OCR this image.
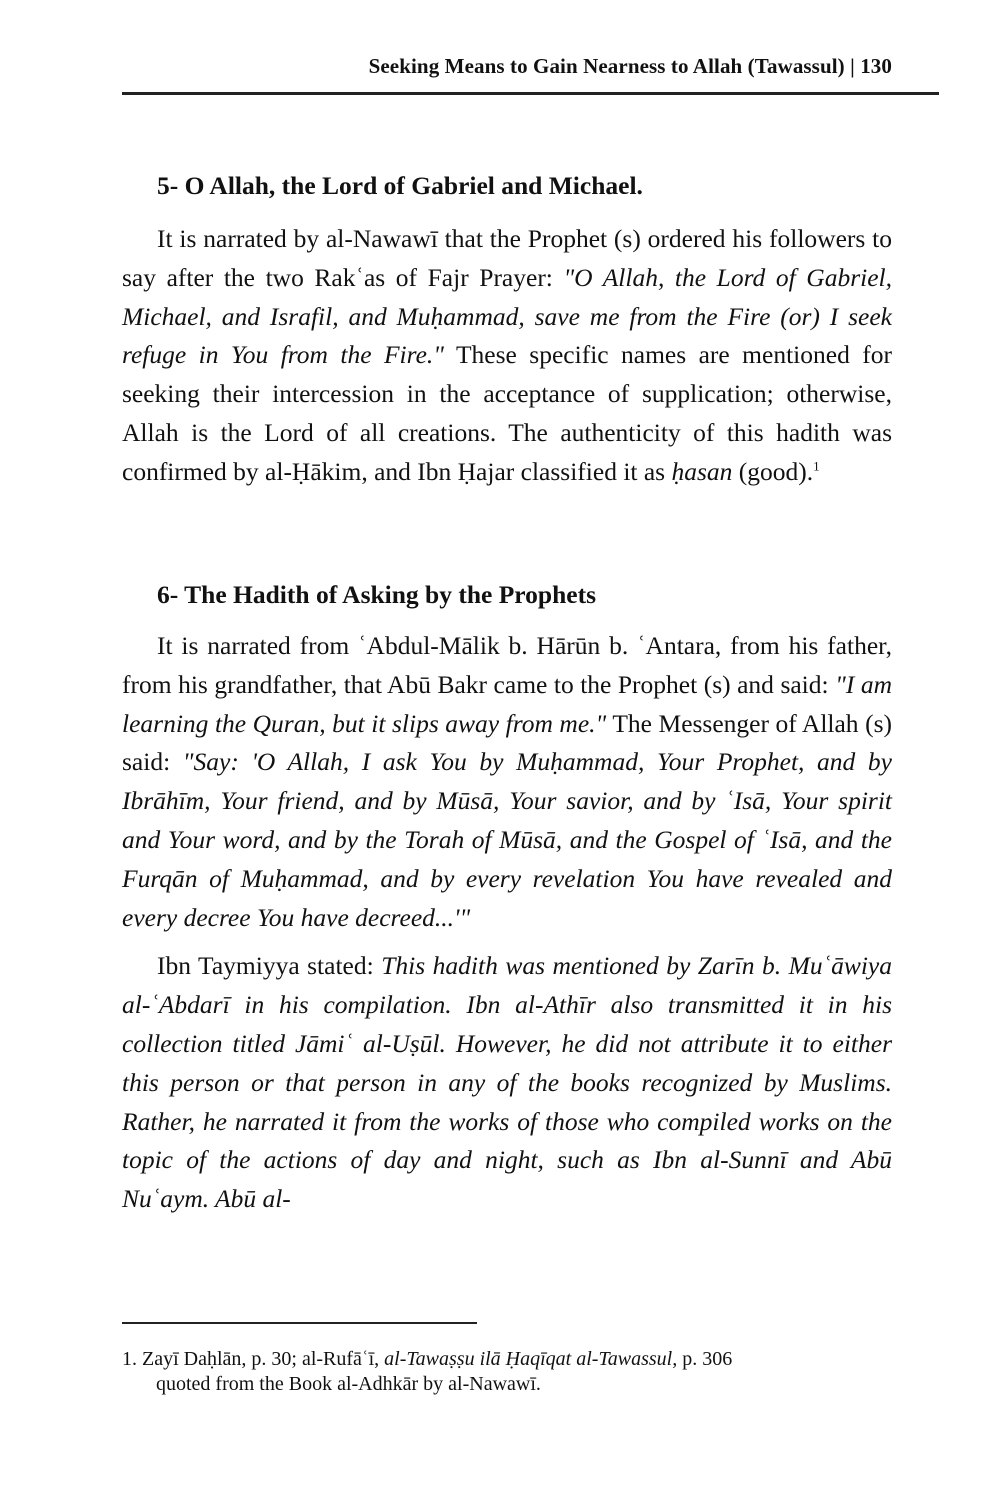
Seeking Means to Gain Nearness to Allah (Tawassul) | 130
5- O Allah, the Lord of Gabriel and Michael.

It is narrated by al-Nawawī that the Prophet (s) ordered his followers to say after the two Rakʿas of Fajr Prayer: "O Allah, the Lord of Gabriel, Michael, and Israfil, and Muḥammad, save me from the Fire (or) I seek refuge in You from the Fire." These specific names are mentioned for seeking their intercession in the acceptance of supplication; otherwise, Allah is the Lord of all creations. The authenticity of this hadith was confirmed by al-Ḥākim, and Ibn Ḥajar classified it as ḥasan (good).$^1$

6- The Hadith of Asking by the Prophets

It is narrated from ʿAbdul-Mālik b. Hārūn b. ʿAntara, from his father, from his grandfather, that Abū Bakr came to the Prophet (s) and said: "I am learning the Quran, but it slips away from me." The Messenger of Allah (s) said: "Say: 'O Allah, I ask You by Muḥammad, Your Prophet, and by Ibrāhīm, Your friend, and by Mūsā, Your savior, and by ʿIsā, Your spirit and Your word, and by the Torah of Mūsā, and the Gospel of ʿIsā, and the Furqān of Muḥammad, and by every revelation You have revealed and every decree You have decreed...'"

Ibn Taymiyya stated: This hadith was mentioned by Zarīn b. Muʿāwiya al-ʿAbdarī in his compilation. Ibn al-Athīr also transmitted it in his collection titled Jāmiʿ al-Uṣūl. However, he did not attribute it to either this person or that person in any of the books recognized by Muslims. Rather, he narrated it from the works of those who compiled works on the topic of the actions of day and night, such as Ibn al-Sunnī and Abū Nuʿaym. Abū al-

1. Zayī Daḥlān, p. 30; al-Rufāʿī, al-Tawaṣṣu ilā Ḥaqīqat al-Tawassul, p. 306
quoted from the Book al-Adhkār by al-Nawawī.
